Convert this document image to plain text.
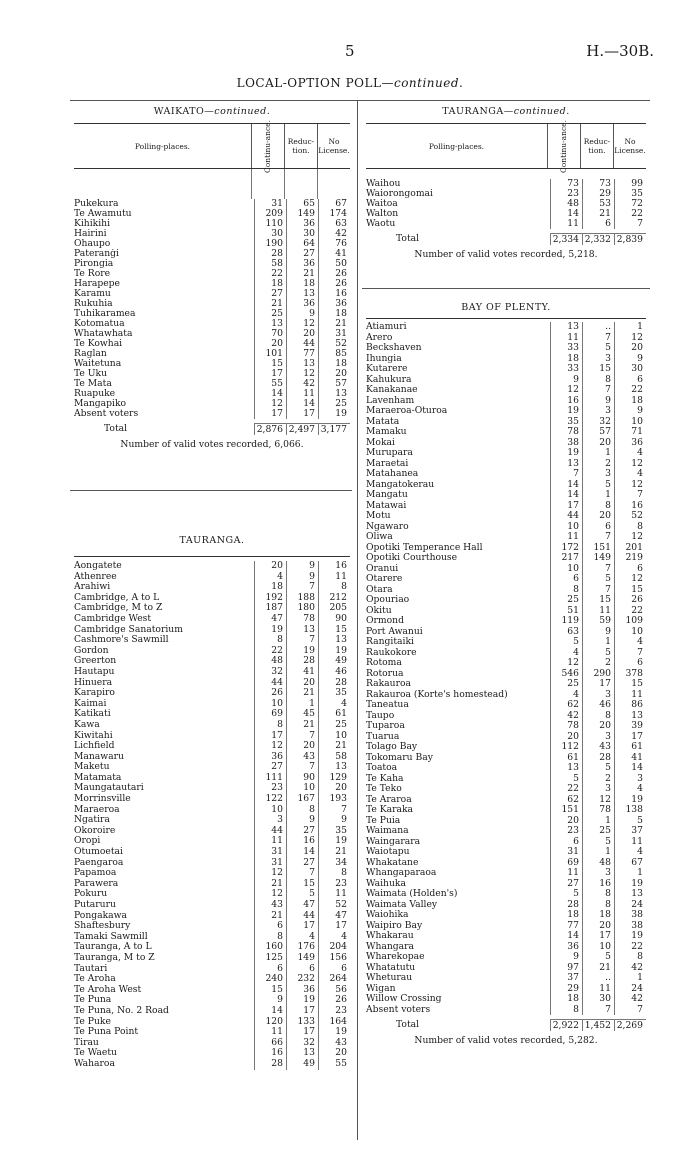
5	H.—30B.
LOCAL-OPTION POLL—continued.

WAIKATO—continued.

Polling-places.	Continu-ance.	Reduc-tion.
No License.
Pukekura	31	65	67
Te Awamutu	209	149	174
Kihikihi	110	36	63
Hairini	30	30	42
Ohaupo	190	64	76
Pateranġi	28	27	41
Pirongia	58	36	50
Te Rore	22	21	26
Harapepe	18	18	26
Karamu	27	13	16
Rukuhia	21	36	36
Tuhikaramea	25	9	18
Kotomatua	13	12	21
Whatawhata	70	20	31
Te Kowhai	20	44	52
Raglan	101	77	85
Waitetuna	15	13	18
Te Uku	17	12	20
Te Mata	55	42	57
Ruapuke	14	11	13
Mangapiko	12	14	25
Absent voters	17	17	19
Total	2,876 2,497 3,177
Number of valid votes recorded, 6,066.

TAURANGA.

Aongatete	20	9	16
Athenree	4	9	11
Arahiwi	18	7	8
Cambridge, A to L	192	188	212
Cambridge, M to Z	187	180	205
Cambridge West	47	78	90
Cambridge Sanatorium	19	13	15
Cashmore's Sawmill	8	7	13
Gordon	22	19	19
Greerton	48	28	49
Hautapu	32	41	46
Hinuera	44	20	28
Karapiro	26	21	35
Kaimai	10	1	4
Katikati	69	45	61
Kawa	8	21	25
Kiwitahi	17	7	10
Lichfield	12	20	21
Manawaru	36	43	58
Maketu	27	7	13
Matamata	111	90	129
Maungatautari	23	10	20
Morrinsville	122	167	193
Maraeroa	10	8	7
Ngatira	3	9	9
Okoroire	44	27	35
Oropi	11	16	19
Otumoetai	31	14	21
Paengaroa	31	27	34
Papamoa	12	7	8
Parawera	21	15	23
Pokuru	12	5	11
Putaruru	43	47	52
Pongakawa	21	44	47
Shaftesbury	6	17	17
Tamaki Sawmill	8	4	4
Tauranga, A to L	160	176	204
Tauranga, M to Z	125	149	156
Tautari	6	6	6
Te Aroha	240	232	264
Te Aroha West	15	36	56
Te Puna	9	19	26
Te Puna, No. 2 Road	14	17	23
Te Puke	120	133	164
Te Puna Point	11	17	19
Tirau	66	32	43
Te Waetu	16	13	20
Waharoa	28	49	55

TAURANGA—continued.

Polling-places.	Continu-ance.	Reduc-tion.
No License.
Waihou	73	73	99
Waiorongomai	23	29	35
Waitoa	48	53	72
Walton	14	21	22
Waotu	11	6	7
Total	2,334 2,332 2,839
Number of valid votes recorded, 5,218.

BAY OF PLENTY.

Atiamuri	13	..	1
Arero	11	7	12
Beckshaven	33	5	20
Ihungia	18	3	9
Kutarere	33	15	30
Kahukura	9	8	6
Kanakanae	12	7	22
Lavenham	16	9	18
Maraeroa-Oturoa	19	3	9
Matata	35	32	10
Mamaku	78	57	71
Mokai	38	20	36
Murupara	19	1	4
Maraetai	13	2	12
Matahanea	7	3	4
Mangatokerau	14	5	12
Mangatu	14	1	7
Matawai	17	8	16
Motu	44	20	52
Ngawaro	10	6	8
Oliwa	11	7	12
Opotiki Temperance Hall	172	151	201
Opotiki Courthouse	217	149	219
Oranui	10	7	6
Otarere	6	5	12
Otara	8	7	15
Opouriao	25	15	26
Okitu	51	11	22
Ormond	119	59	109
Port Awanui	63	9	10
Rangitaiki	5	1	4
Raukokore	4	5	7
Rotoma	12	2	6
Rotorua	546	290	378
Rakauroa	25	17	15
Rakauroa (Korte's homestead)	4	3	11
Taneatua	62	46	86
Taupo	42	8	13
Tuparoa	78	20	39
Tuarua	20	3	17
Tolago Bay	112	43	61
Tokomaru Bay	61	28	41
Toatoa	13	5	14
Te Kaha	5	2	3
Te Teko	22	3	4
Te Araroa	62	12	19
Te Karaka	151	78	138
Te Puia	20	1	5
Waimana	23	25	37
Waingarara	6	5	11
Waiotapu	31	1	4
Whakatane	69	48	67
Whangaparaoa	11	3	1
Waihuka	27	16	19
Waimata (Holden's)	5	8	13
Waimata Valley	28	8	24
Waiohika	18	18	38
Waipiro Bay	77	20	38
Whakarau	14	17	19
Whangara	36	10	22
Wharekopae	9	5	8
Whatatutu	97	21	42
Wheturau	37	..	1
Wigan	29	11	24
Willow Crossing	18	30	42
Absent voters	8	7	7
Total	2,922 1,452 2,269
Number of valid votes recorded, 5,282.
